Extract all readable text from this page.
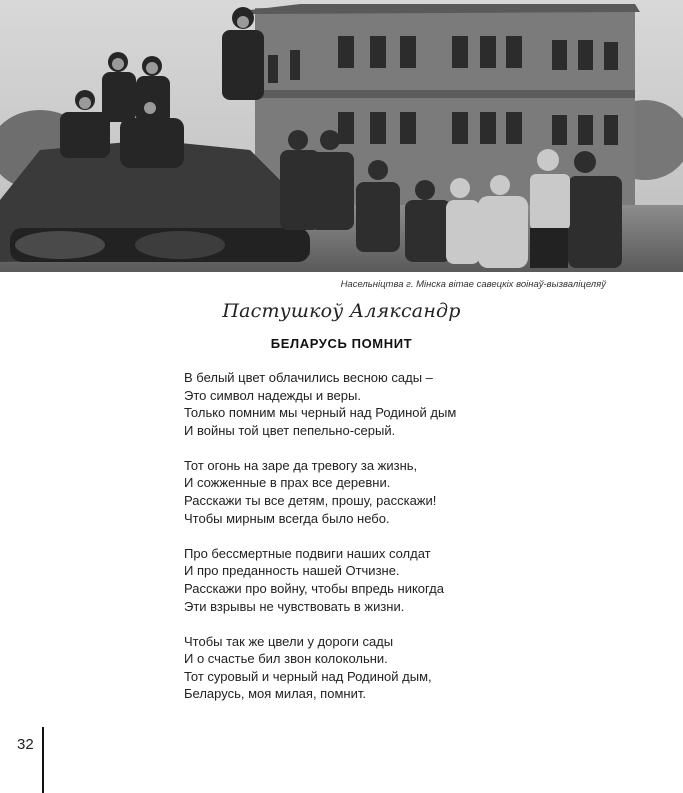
Насельніцтва г. Мінска вітае савецкіх воінаў-вызваліцеляў
Пастушкоў Аляксандр
БЕЛАРУСЬ ПОМНИТ
В белый цвет облачились весною сады –
Это символ надежды и веры.
Только помним мы черный над Родиной дым
И войны той цвет пепельно-серый.
Тот огонь на заре да тревогу за жизнь,
И сожженные в прах все деревни.
Расскажи ты все детям, прошу, расскажи!
Чтобы мирным всегда было небо.
Про бессмертные подвиги наших солдат
И про преданность нашей Отчизне.
Расскажи про войну, чтобы впредь никогда
Эти взрывы не чувствовать в жизни.
Чтобы так же цвели у дороги сады
И о счастье бил звон колокольни.
Тот суровый и черный над Родиной дым,
Беларусь, моя милая, помнит.
32
